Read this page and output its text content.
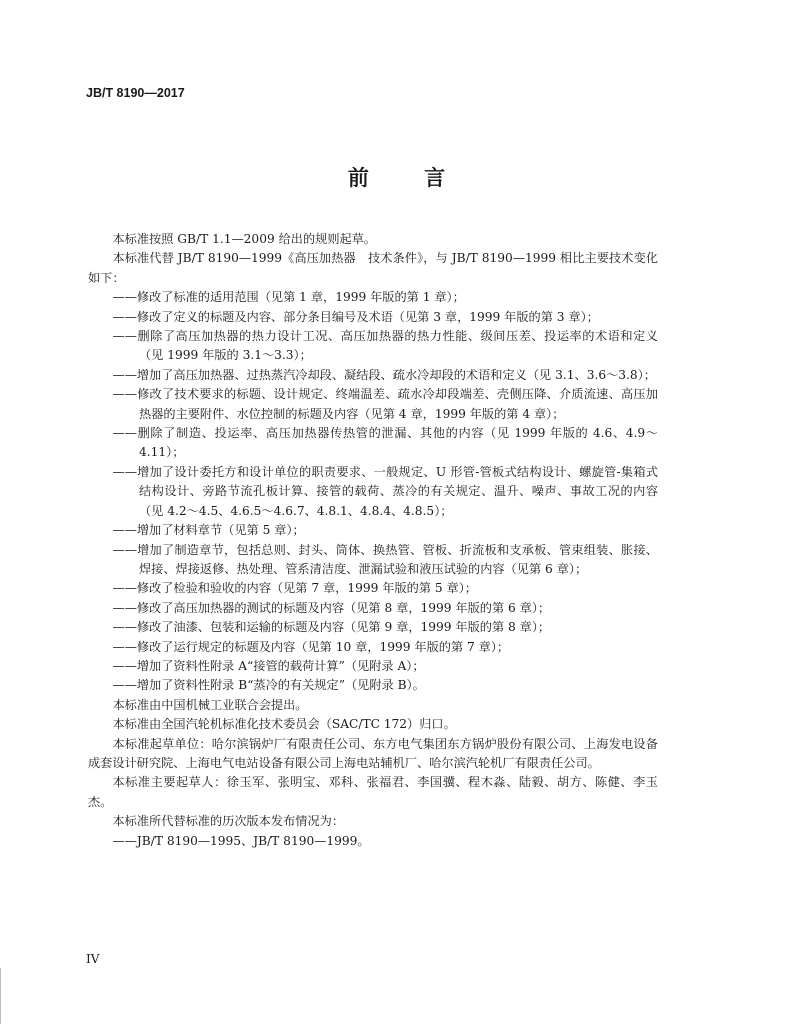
JB/T 8190—2017
前 言
本标准按照 GB/T 1.1—2009 给出的规则起草。
本标准代替 JB/T 8190—1999《高压加热器　技术条件》，与 JB/T 8190—1999 相比主要技术变化如下：
——修改了标准的适用范围（见第 1 章，1999 年版的第 1 章）；
——修改了定义的标题及内容、部分条目编号及术语（见第 3 章，1999 年版的第 3 章）；
——删除了高压加热器的热力设计工况、高压加热器的热力性能、级间压差、投运率的术语和定义（见 1999 年版的 3.1～3.3）；
——增加了高压加热器、过热蒸汽冷却段、凝结段、疏水冷却段的术语和定义（见 3.1、3.6～3.8）；
——修改了技术要求的标题、设计规定、终端温差、疏水冷却段端差、壳侧压降、介质流速、高压加热器的主要附件、水位控制的标题及内容（见第 4 章，1999 年版的第 4 章）；
——删除了制造、投运率、高压加热器传热管的泄漏、其他的内容（见 1999 年版的 4.6、4.9～4.11）；
——增加了设计委托方和设计单位的职责要求、一般规定、U 形管-管板式结构设计、螺旋管-集箱式结构设计、旁路节流孔板计算、接管的载荷、蒸冷的有关规定、温升、噪声、事故工况的内容（见 4.2～4.5、4.6.5～4.6.7、4.8.1、4.8.4、4.8.5）；
——增加了材料章节（见第 5 章）；
——增加了制造章节，包括总则、封头、筒体、换热管、管板、折流板和支承板、管束组装、胀接、焊接、焊接返修、热处理、管系清洁度、泄漏试验和液压试验的内容（见第 6 章）；
——修改了检验和验收的内容（见第 7 章，1999 年版的第 5 章）；
——修改了高压加热器的测试的标题及内容（见第 8 章，1999 年版的第 6 章）；
——修改了油漆、包装和运输的标题及内容（见第 9 章，1999 年版的第 8 章）；
——修改了运行规定的标题及内容（见第 10 章，1999 年版的第 7 章）；
——增加了资料性附录 A“接管的载荷计算”（见附录 A）；
——增加了资料性附录 B“蒸冷的有关规定”（见附录 B）。
本标准由中国机械工业联合会提出。
本标准由全国汽轮机标准化技术委员会（SAC/TC 172）归口。
本标准起草单位：哈尔滨锅炉厂有限责任公司、东方电气集团东方锅炉股份有限公司、上海发电设备成套设计研究院、上海电气电站设备有限公司上海电站辅机厂、哈尔滨汽轮机厂有限责任公司。
本标准主要起草人：徐玉军、张明宝、邓科、张福君、李国骥、程木淼、陆毅、胡方、陈健、李玉杰。
本标准所代替标准的历次版本发布情况为：
——JB/T 8190—1995、JB/T 8190—1999。
IV
